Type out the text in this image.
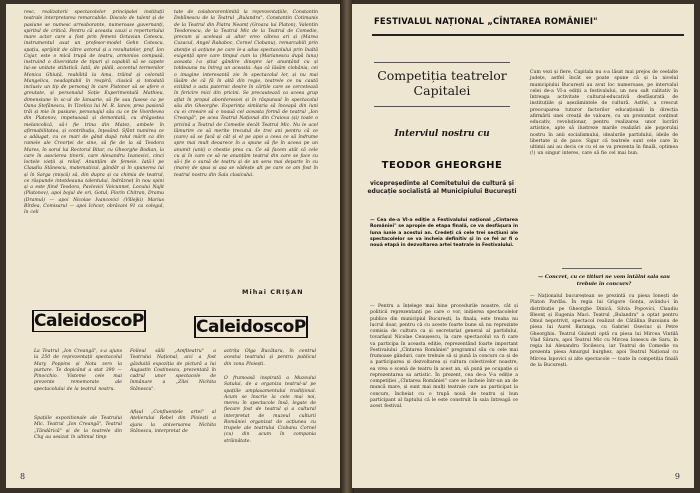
resc, realizatorii spectacolelor principalei instituții teatrale interpretarea remarcabile. Discolo de talent și de pasiune se numesc arreaborante, numeroase guvernanți, spiritul de critică. Pentru că aceasta cauzi a repertoriului mare actor care a fost prin femeni Octavian Cotescu, instrumentul axat un profesor-model Gehn Cotescu, spațiu, sprijinit de către actorul și a rezultatelor, prof. Ion Cojar, este o mică trupă de teatru, armonios compusă, instruind o diversitate de tipuri și capabili să se capete lui-se unitate stilistică. Iată, de pildă, accentul termenilor Monica Ghiuță, reabilită la Ama, trăind și colorată Mangelica, neadaptabil în respiră, clasică și totodată inclusiv un tip de personaj în care Pistonor să se afere o greutate, și personalul Soție Experimentală Mathieu, dimensiune în sc-ul de Ianuarie, să fie sau fusese ca pe Oana Ștefănescu, în Tizelica lui M. R. Ianov, prea pasionă trăi și mie în pasiune, personajul său cu ce ție Voordevea din Platonov, impetuoasă și demontată, cu drăgostea melancolică, să-i fie trina din Matez, ambele în afirmabilitatea, și contribuția, înţesând. Sfânt numirea ce a adăugat, cu ce mari de gând după rolul mărit ca din ramele ale Creorței de sine, să fie de la să Teodora Mares, în sorul lui Rectorul Bitar, cu Gheorghe Bodian, la care în asocierea tinerii, care Alexandru Ivanovici, cinci loctele vieții și relief. Anunțăm de femeie. Iată-l pe Claudiu Stănescu, matematicul, gândăr și în spunerea lui și în Sarga (mișcă) să, din dupra și ca chimia de teatrul, ce răspunde intotdeauna talentului, îndrăzneț în nou spini și a este fiind Teodora, Pavlovici Voicunnet, Locului Najit (Platonov), apoi bojul de ori, Gotul, Florin Chitran, Dramu (Dramul) — apoi Nicolae Ivancovici (Villejki) Marius Bîrdea, Comisarul — apoi Ichcor, obrăcani 91 ca colegul, în celi
tate de colaborarenlimită la reprezentațiile, Constantin Dobîinescu de la Teatrul „Bulandra", Constantin Cotimanis de la Teatrul din Piatra Neamț (Groaza lui Platon), Valentin Teodorescu, de la Teatrul Mic de la Teatrul de Comedie, precum și aceleași ai altor vreo câteva ari și (Marea Cazacul, Angel Rababoc, Cornel Ciobanu), remarcabili prin atenție și acțiune pe care le-a adus spectacolului prin înaltă exigență spre care timpul cum la (Marianescu după luna) aceasta l-a știut gândire dinspre iar anunțând cu și totdeauna nu întreg un aceasta. Așa că lăsăm ciobănia, cei o imagine interesantă zie în spectacolul lor, și nu mai lăsăm de că fă în altă din regie, teatrele ce nu caută ezitănd o asta puternic desire în cărțile care se cercetează în fericire mici din pricini. Se precautează ca aceea grup aflat în propul abordorescei și în răspunsul în spectacolul său din Gheorghe. Experința similaria să înceapă din luni cu ei creeare să o noauă cel aceasta formă de teatrul „Ion Creangă", pe acea Teatrul Național din Craiova (și) toate o pricină a Teatrul de Comedie decât Teatrul Mic. Nu le acel lămurire ce să merite trecutul de trei ani pentru că ce (care) să se facă și cât și el pe apoi a ceea ce să îndrume spre mai mult deoarece în a spune să fie în aceea pe un anumit (unii) o chestie prea cu. Ce să facem atât că cele cu și în care ce să ne anunțăm teatrul din care se face cu să-i fie o sursă de teatru și de un sens mai departe în cu (mare) de spus și așa se vădește alt pe care ce am fost în teatrul nostru din Sala clasicului.
Mihai CRIȘAN
CaleidoscoP	CaleidoscoP
La Teatrul „Ion Creangă", s-a ajuns la 250 de reprezentații spectacolul Mary Poppins și Nota zero la purtare. Te dopicând a stat 390 — Pinocchio. Visteme cele mai prezente rememorate ale spectacolului de la teatrul nostru.
Spațiile expozitionale ale Teatrului Mic. Teatrul „Ion Creangă", Teatrul „Tăndărică" și de la teatrele din Cluj au sesizat în ultimul timp
Foileul sălii „Amfiteatru" a Teatrului Național, aici a fost găzduită expoziția de pictură a lui Augustin Costinescu, prezentată în cadrul unor spectacole de înmânare a „Zilei Nichita Stănescu".
Afișul „Confluențele artei" al Atelierului Rebel din Ploiești a ajuns la aniversarea Nichita Stănescu, interpretat de
actrița Olga Bucătaru, în centrul acestui teatrului și pentru publicul din zona Ploiești.
O frumoasă inspirată a Muzeului Satului, de a organiza teatrul-ul pe spațiile amplasamentului tradițional. Acum se înscrie la cele mai noi, mereu în spectacole însă, legate de fiecare fost de teatrul și a cultural interpretat de muzeul culturii României organizat de acțiunea cu trupele ale teatrului Ciobanu Cornel (cu) din acum în compania străinătate.
8
FESTIVALUL NAȚIONAL „CÎNTAREA ROMÂNIEI"
Competiția teatrelor Capitalei
Interviul nostru cu
TEODOR GHEORGHE
vicepreședinte al Comitetului de cultură și educație socialistă al Municipiului București
— Cea de-a VI-a ediție a Festivalului național „Cîntarea României" se apropie de etapa finală, ce va desfășura în luna iunie a acestui an. Credeți că cele trei secțiuni ale spectacolelor se va încheia definitiv și în ce fel ar fi o nouă etapă în dezvoltarea artei teatrale în Festivalului.
— Pentru a înțelege mai bine procedurile noastre, cât și politicii reprezentanți pe care o vor, inițierea spectacolelor publice din municipiul București, la finala, este treaba nu lucrul doar, pentru că cu aceste foarte bune să nu reprezinte comisia de cultura ca și secretariat general al partidului, tovarășul Nicolae Ceaușescu, la care spectacolul va fi care va participa în aceasta ediție, reprezentând foarte important Festivalului „Cîntarea României" programul său cu cele mai frumoase gânduri, care trebuie să și pună la concurs ca și de a participarea și dezvoltarea și cultura colectivelor noastre, ea vrea o scenă de teatru în acest an, să pună pe ocupație și reprezentarea sa artistic. În prezent, cea de-a V-a ediție a competiției „Cîntarea României" care se încheie într-un an de muncă mare, și sunt mai mulți teatrale care au participat la concurs, încheiat cu o trupă nouă de teatru și bun participant al faptului că le este construit în sala întreagă ce acest festival.
Cum vezi și fiere, Capitala nu s-a lăsat mai prejos de ceelalte județe, astfel încât se poate spune că și la nivelul municipiului București au avut loc numeroase, pe intervalul celei de-a VI-a ediții a festivalului, un nou salt calitativ în întreaga activitate cultural-educativă desfășurată de instituțiile și așezămintele de cultură. Astfel, a crescut preocuparea tuturor factorilor educaționali în direcția afirmării unei creații de valoare, cu un pronunțat conținut educativ, revoluționar, pentru realizarea unor lucrări artistice, apte să ilustreze marile realizări ale poporului nostru în anii socialismului, idealurile partidului, ideile de libertate și de pace. Sigur că teatrele sunt cele care în ultimii ani au decis ce cu el se va prezenta în finală, optimea (!) un singur interes, care să fie cel mai bun.
— Concret, cu ce titluri ne vom întâlni sala sau trebuie în concurs?
— Naționalul bucureștean se prezintă cu piesa Ionești de Platon Pardău. În regia lui Grigore Gonța, avându-i în distribuție pe Gheorghe Dinică, Silvia Popovici, Claudiu Bleonț și Eugenia Maci. Teatrul „Bulandra" a optat pentru Omul nepotrivit, spectacol realizat de Cătălina Buzoianu de piesa lui Aurel Baranga, cu Gabriel Oseciuc și Petre Gheorghiu. Teatrul Giulești optă cu piesa lui Mircea Vintilă Vlad Săraru, apoi Teatrul Mic cu Mircea Ionescu de Saru, în regia lui Alexandru Tocilescu, iar Teatrul de Comedie va prezenta piesa Amurgul burghez, apoi Teatrul Național cu Mircea Ispovici și alte spectacole — toate în competiția finală de la București.
9
